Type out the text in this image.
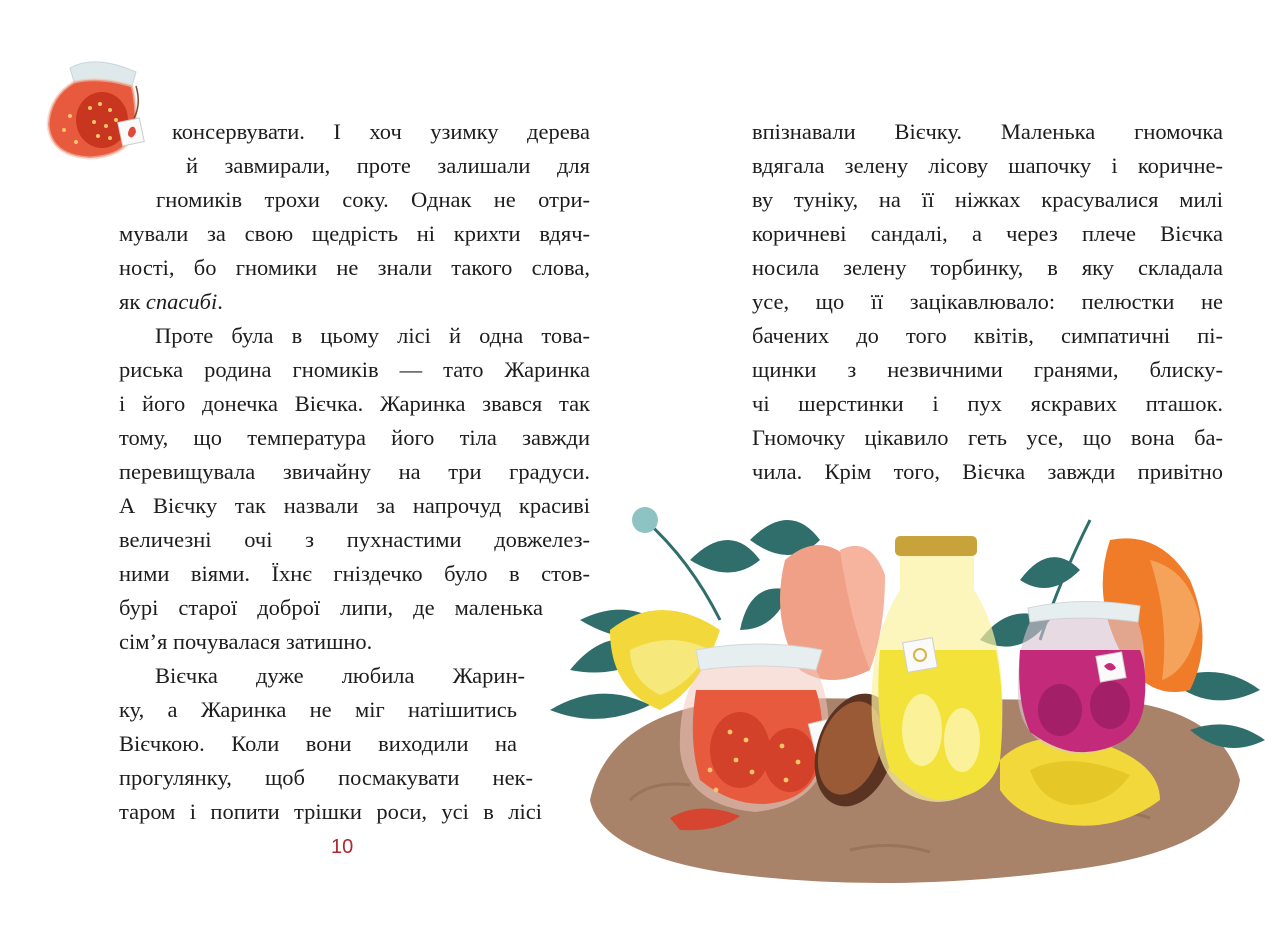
консервувати. І хоч узимку дерева
й завмирали, проте залишали для
гномиків трохи соку. Однак не отри-
мували за свою щедрість ні крихти вдяч-
ності, бо гномики не знали такого слова,
як спасибі.
Проте була в цьому лісі й одна това-
риська родина гномиків — тато Жаринка
і його донечка Вієчка. Жаринка звався так
тому, що температура його тіла завжди
перевищувала звичайну на три градуси.
А Вієчку так назвали за напрочуд красиві
величезні очі з пухнастими довжелез-
ними віями. Їхнє гніздечко було в стов-
бурі старої доброї липи, де маленька
сім’я почувалася затишно.
Вієчка дуже любила Жарин-
ку, а Жаринка не міг натішитись
Вієчкою. Коли вони виходили на
прогулянку, щоб посмакувати нек-
таром і попити трішки роси, усі в лісі
впізнавали Вієчку. Маленька гномочка
вдягала зелену лісову шапочку і коричне-
ву туніку, на її ніжках красувалися милі
коричневі сандалі, а через плече Вієчка
носила зелену торбинку, в яку складала
усе, що її зацікавлювало: пелюстки не
бачених до того квітів, симпатичні пі-
щинки з незвичними гранями, блиску-
чі шерстинки і пух яскравих пташок.
Гномочку цікавило геть усе, що вона ба-
чила. Крім того, Вієчка завжди привітно
10
